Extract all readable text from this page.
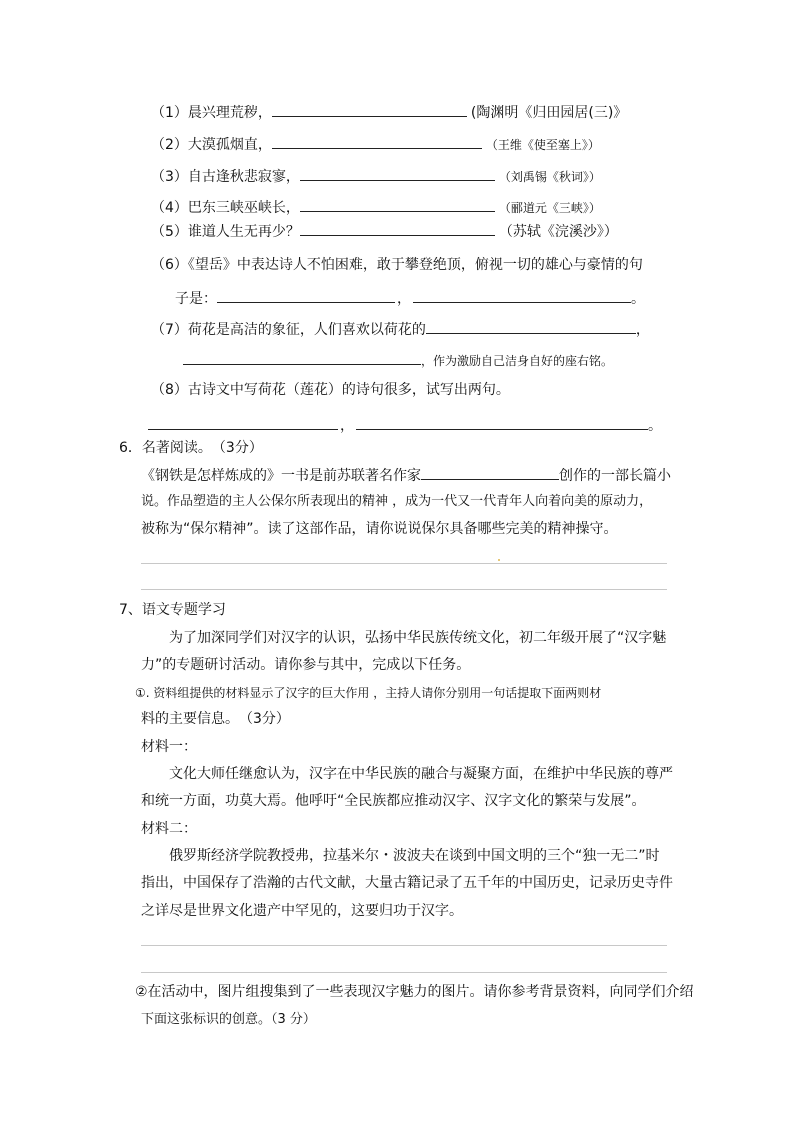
（1）晨兴理荒秽，	(陶渊明《归田园居(三)》
（2）大漠孤烟直，	（王维《使至塞上》）
（3）自古逢秋悲寂寥，	（刘禹锡《秋词》）
（4）巴东三峡巫峡长，	（郦道元《三峡》）
（5）谁道人生无再少？	（苏轼《浣溪沙》）
（6）《望岳》中表达诗人不怕困难，敢于攀登绝顶，俯视一切的雄心与豪情的句
子是：	，	。
（7）荷花是高洁的象征，人们喜欢以荷花的	，
，作为激励自己洁身自好的座右铭。
（8）古诗文中写荷花（莲花）的诗句很多，试写出两句。
，	。
6．名著阅读。　（3分）
《钢铁是怎样炼成的》一书是前苏联著名作家	创作的一部长篇小
说。作品塑造的主人公保尔所表现出的精神 ，成为一代又一代青年人向着向美的原动力，
被称为“保尔精神”。读了这部作品，请你说说保尔具备哪些完美的精神操守。
7、语文专题学习
为了加深同学们对汉字的认识，弘扬中华民族传统文化，初二年级开展了“汉字魅
力”的专题研讨活动。请你参与其中，完成以下任务。
①. 资料组提供的材料显示了汉字的巨大作用 ，主持人请你分别用一句话提取下面两则材
料的主要信息。　（3分）
材料一：
文化大师任继愈认为，汉字在中华民族的融合与凝聚方面，在维护中华民族的尊严
和统一方面，功莫大焉。他呼吁“全民族都应推动汉字、汉字文化的繁荣与发展”。
材料二：
俄罗斯经济学院教授弗，拉基米尔・波波夫在谈到中国文明的三个“独一无二”时
指出，中国保存了浩瀚的古代文献，大量古籍记录了五千年的中国历史，记录历史寺件
之详尽是世界文化遗产中罕见的，这要归功于汉字。
②在活动中，图片组搜集到了一些表现汉字魅力的图片。请你参考背景资料，向同学们介绍
下面这张标识的创意。（3 分）
